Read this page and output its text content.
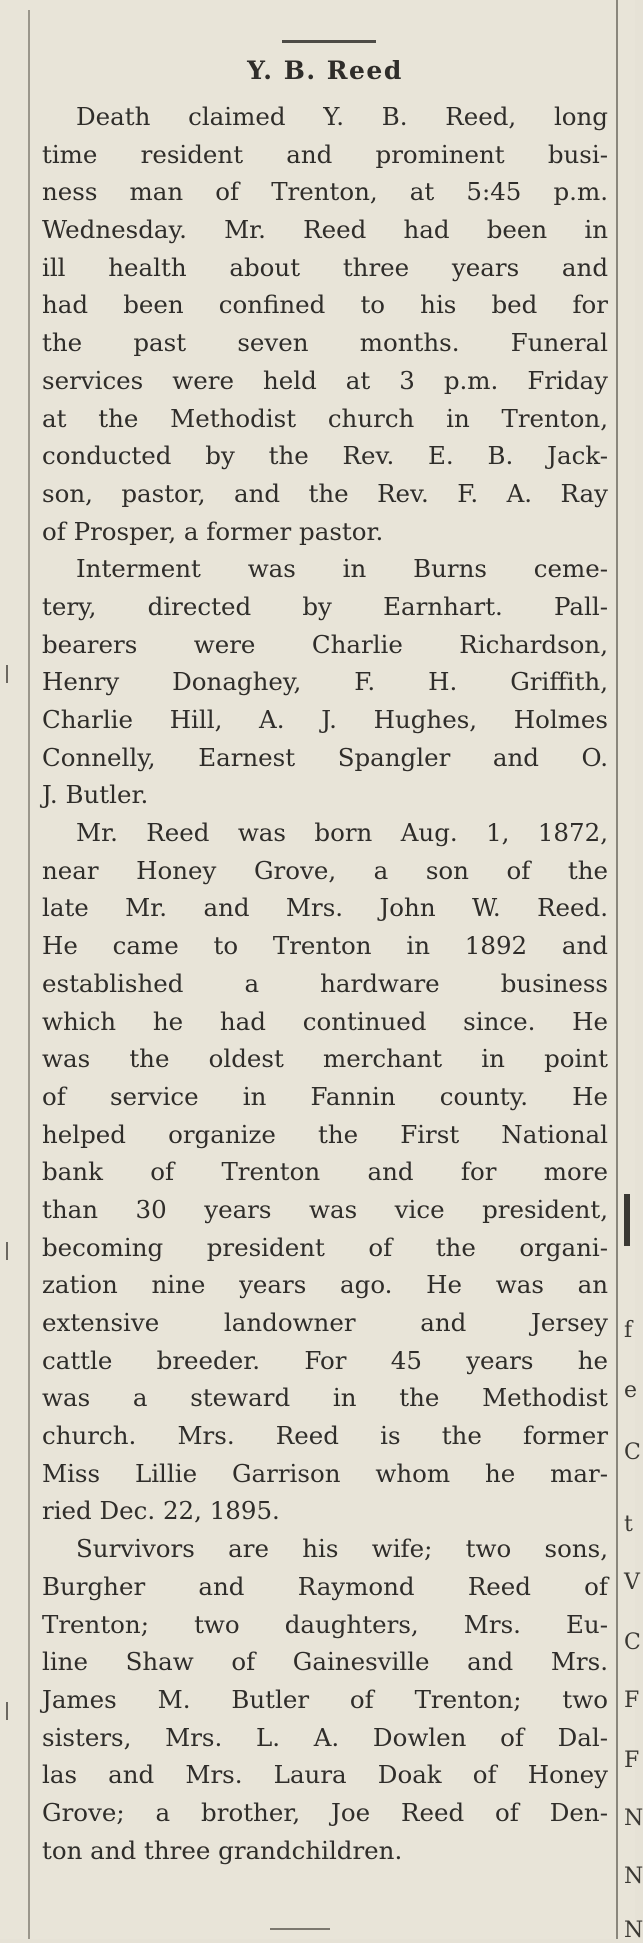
Y. B. Reed
Death claimed Y. B. Reed, long
time resident and prominent busi-
ness man of Trenton, at 5:45 p.m.
Wednesday. Mr. Reed had been in
ill health about three years and
had been confined to his bed for
the past seven months. Funeral
services were held at 3 p.m. Friday
at the Methodist church in Trenton,
conducted by the Rev. E. B. Jack-
son, pastor, and the Rev. F. A. Ray
of Prosper, a former pastor.
Interment was in Burns ceme-
tery, directed by Earnhart. Pall-
bearers were Charlie Richardson,
Henry Donaghey, F. H. Griffith,
Charlie Hill, A. J. Hughes, Holmes
Connelly, Earnest Spangler and O.
J. Butler.
Mr. Reed was born Aug. 1, 1872,
near Honey Grove, a son of the
late Mr. and Mrs. John W. Reed.
He came to Trenton in 1892 and
established a hardware business
which he had continued since. He
was the oldest merchant in point
of service in Fannin county. He
helped organize the First National
bank of Trenton and for more
than 30 years was vice president,
becoming president of the organi-
zation nine years ago. He was an
extensive landowner and Jersey
cattle breeder. For 45 years he
was a steward in the Methodist
church. Mrs. Reed is the former
Miss Lillie Garrison whom he mar-
ried Dec. 22, 1895.
Survivors are his wife; two sons,
Burgher and Raymond Reed of
Trenton; two daughters, Mrs. Eu-
line Shaw of Gainesville and Mrs.
James M. Butler of Trenton; two
sisters, Mrs. L. A. Dowlen of Dal-
las and Mrs. Laura Doak of Honey
Grove; a brother, Joe Reed of Den-
ton and three grandchildren.
f
e
C
t
V
C
F
F
N
N
N
